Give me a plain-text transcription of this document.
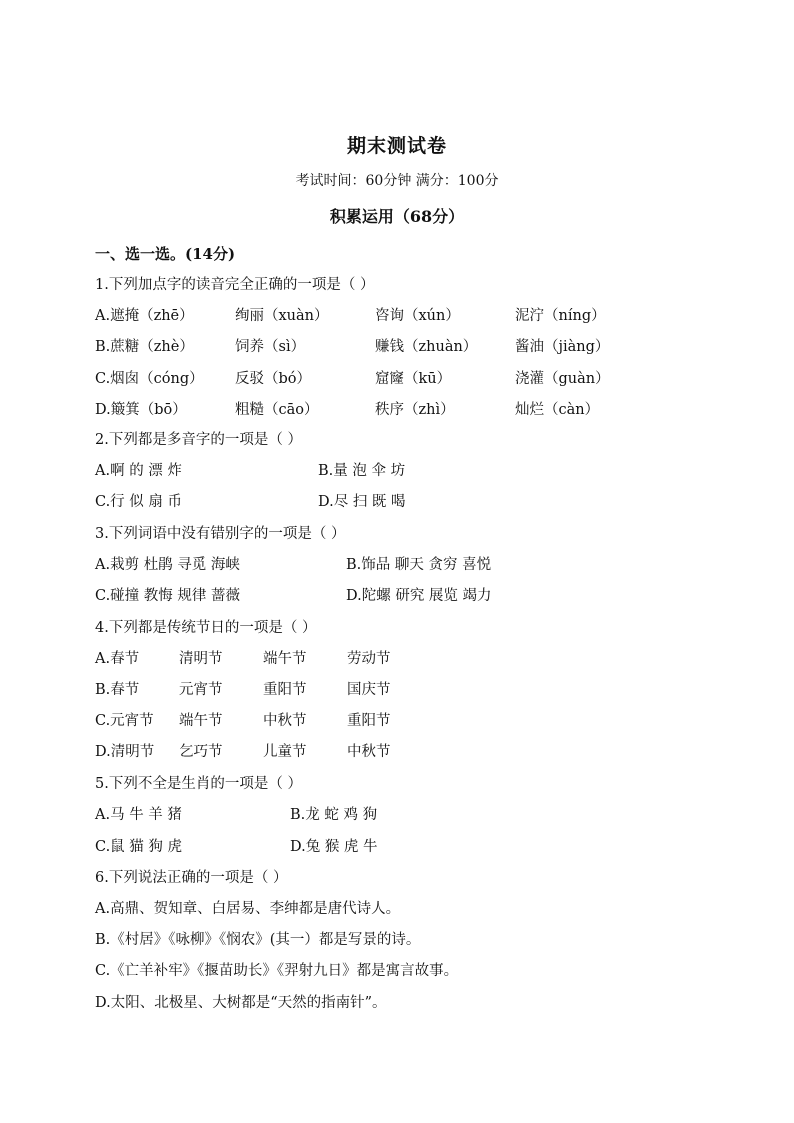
期末测试卷
考试时间：60分钟 满分：100分
积累运用（68分）
一、选一选。(14分)
1.下列加点字的读音完全正确的一项是（ ）
A.遮掩（zhē）	绚丽（xuàn）	咨询（xún）	泥泞（níng）
B.蔗糖（zhè）	饲养（sì）	赚钱（zhuàn）	酱油（jiàng）
C.烟囱（cóng） 反驳（bó）	窟窿（kū）	浇灌（guàn）
D.簸箕（bō）	粗糙（cāo）	秩序（zhì）	灿烂（càn）
2.下列都是多音字的一项是（ ）
A.啊 的 漂 炸	B.量 泡 伞 坊
C.行 似 扇 币	D.尽 扫 既 喝
3.下列词语中没有错别字的一项是（ ）
A.栽剪 杜鹃 寻觅 海峡	B.饰品 聊天 贪穷 喜悦
C.碰撞 教悔 规律 蔷薇	D.陀螺 研究 展览 竭力
4.下列都是传统节日的一项是（ ）
A.春节	清明节	端午节	劳动节
B.春节	元宵节	重阳节	国庆节
C.元宵节 端午节	中秋节	重阳节
D.清明节 乞巧节	儿童节	中秋节
5.下列不全是生肖的一项是（ ）
A.马 牛 羊 猪	B.龙 蛇 鸡 狗
C.鼠 猫 狗 虎	D.兔 猴 虎 牛
6.下列说法正确的一项是（ ）
A.高鼎、贺知章、白居易、李绅都是唐代诗人。
B.《村居》《咏柳》《悯农》(其一）都是写景的诗。
C.《亡羊补牢》《揠苗助长》《羿射九日》都是寓言故事。
D.太阳、北极星、大树都是“天然的指南针”。
